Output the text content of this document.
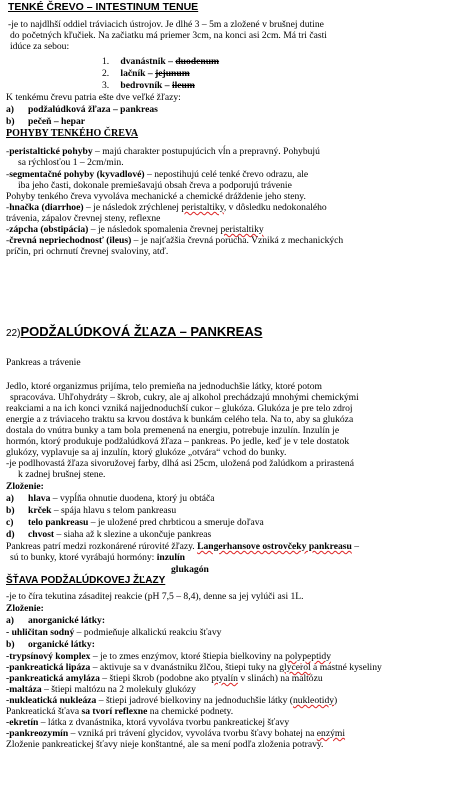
TENKÉ ČREVO – INTESTINUM TENUE
-je to najdlhší oddiel tráviacich ústrojov. Je dlhé 3 – 5m a zložené v brušnej dutine
do početných kľučiek. Na začiatku má priemer 3cm, na konci asi 2cm. Má tri časti
idúce za sebou:
1. dvanástnik – duodenum
2. lačník – jejunum
3. bedrovník – ileum
K tenkému črevu patria ešte dve veľké žľazy:
a) podžalúdková žľaza – pankreas
b) pečeň – hepar
POHYBY TENKÉHO ČREVA
-peristaltické pohyby – majú charakter postupujúcich vĺn a prepravný. Pohybujú
sa rýchlosťou 1 – 2cm/min.
-segmentačné pohyby (kyvadlové) – nepostihujú celé tenké črevo odrazu, ale
iba jeho časti, dokonale premiešavajú obsah čreva a podporujú trávenie
Pohyby tenkého čreva vyvoláva mechanické a chemické dráždenie jeho steny.
-hnačka (diarrhoe) – je následok zrýchlenej peristaltiky, v dôsledku nedokonalého
trávenia, zápalov črevnej steny, reflexne
-zápcha (obstipácia) – je následok spomalenia črevnej peristaltiky
-črevná nepriechodnosť (ileus) – je najťažšia črevná porucha. Vzniká z mechanických
príčin, pri ochrnutí črevnej svaloviny, atď.
22)PODŽALÚDKOVÁ ŽĽAZA – PANKREAS
Pankreas a trávenie
Jedlo, ktoré organizmus prijíma, telo premieňa na jednoduchšie látky, ktoré potom
spracováva. Uhľohydráty – škrob, cukry, ale aj alkohol prechádzajú mnohými chemickými
reakciami a na ich konci vzniká najjednoduchší cukor – glukóza. Glukóza je pre telo zdroj
energie a z tráviaceho traktu sa krvou dostáva k bunkám celého tela. Na to, aby sa glukóza
dostala do vnútra bunky a tam bola premenená na energiu, potrebuje inzulín. Inzulín je
hormón, ktorý produkuje podžalúdková žľaza – pankreas. Po jedle, keď je v tele dostatok
glukózy, vyplavuje sa aj inzulín, ktorý glukóze „otvára“ vchod do bunky.
-je podlhovastá žľaza sivoružovej farby, dlhá asi 25cm, uložená pod žalúdkom a prirastená
k zadnej brušnej stene.
Zloženie:
a) hlava – vypĺňa ohnutie duodena, ktorý ju obtáča
b) krček – spája hlavu s telom pankreasu
c) telo pankreasu – je uložené pred chrbticou a smeruje doľava
d) chvost – siaha až k slezine a ukončuje pankreas
Pankreas patrí medzi rozkonárené rúrovité žľazy. Langerhansove ostrovčeky pankreasu –
sú to bunky, ktoré vyrábajú hormóny: inzulín
glukagón
ŠŤAVA PODŽALÚDKOVEJ ŽĽAZY
-je to číra tekutina zásaditej reakcie (pH 7,5 – 8,4), denne sa jej vylúči asi 1L.
Zloženie:
a) anorganické látky:
- uhličitan sodný – podmieňuje alkalickú reakciu šťavy
b) organické látky:
-trypsínový komplex – je to zmes enzýmov, ktoré štiepia bielkoviny na polypeptidy
-pankreatická lipáza – aktivuje sa v dvanástniku žlčou, štiepi tuky na glycerol a mastné kyseliny
-pankreatická amyláza – štiepi škrob (podobne ako ptyalín v slinách) na maltózu
-maltáza – štiepi maltózu na 2 molekuly glukózy
-nukleatická nukleáza – štiepi jadrové bielkoviny na jednoduchšie látky (nukleotidy)
Pankreatická šťava sa tvorí reflexne na chemické podnety.
-ekretín – látka z dvanástnika, ktorá vyvoláva tvorbu pankreatickej šťavy
-pankreozymín – vzniká pri trávení glycidov, vyvoláva tvorbu šťavy bohatej na enzými
Zloženie pankreatickej šťavy nieje konštantné, ale sa mení podľa zloženia potravy.
